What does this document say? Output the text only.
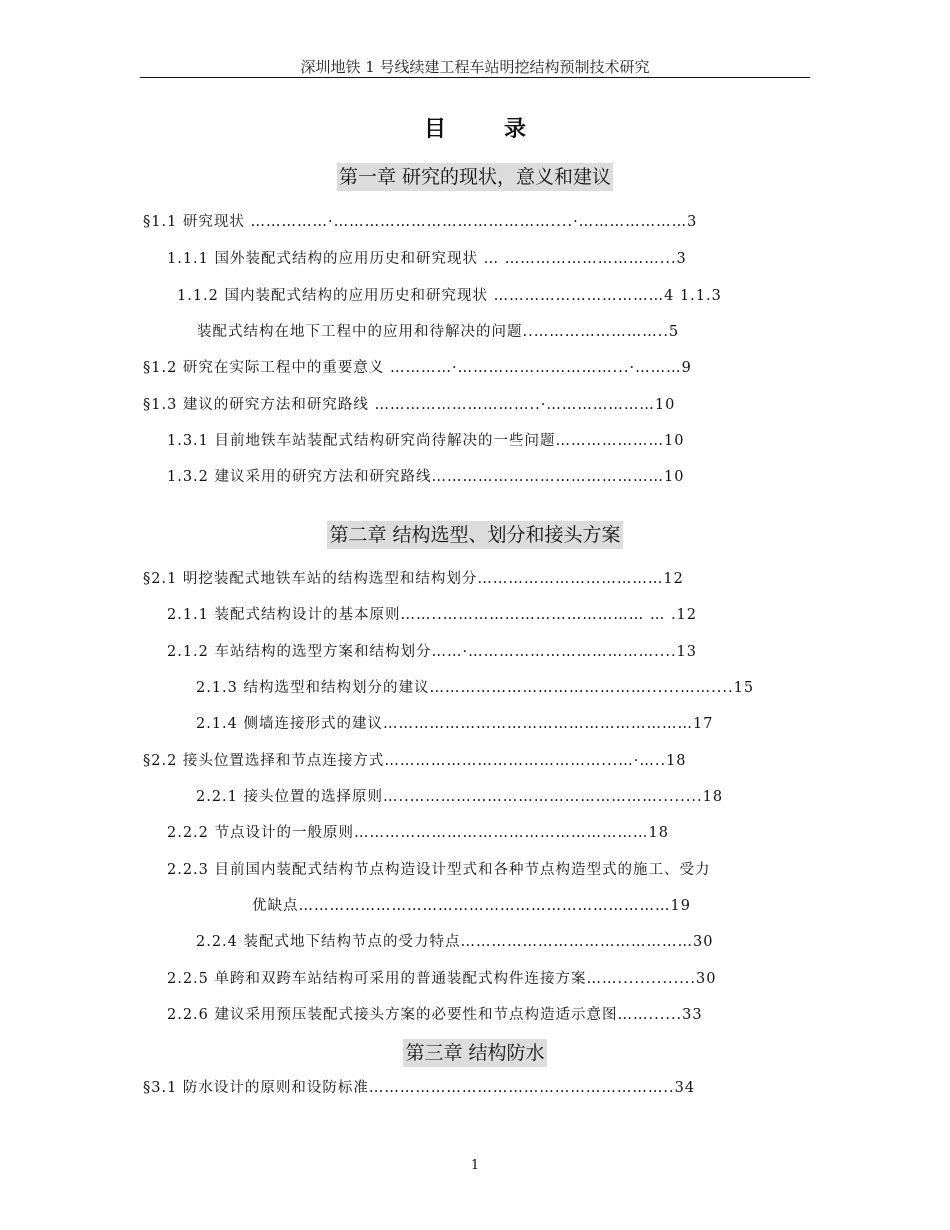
深圳地铁 1 号线续建工程车站明挖结构预制技术研究
目录
第一章 研究的现状，意义和建议
§1.1 研究现状 ……………·……………………………………....·…………………3
1.1.1 国外装配式结构的应用历史和研究现状 … …………………………...3
1.1.2 国内装配式结构的应用历史和研究现状 ……………………………4 1.1.3
装配式结构在地下工程中的应用和待解决的问题..……………………..5
§1.2 研究在实际工程中的重要意义 …………·…………………………...·………9
§1.3 建议的研究方法和研究路线 …………………………..·…………………10
1.3.1 目前地铁车站装配式结构研究尚待解决的一些问题…………………10
1.3.2 建议采用的研究方法和研究路线………………………………………10
第二章 结构选型、划分和接头方案
§2.1 明挖装配式地铁车站的结构选型和结构划分………………………………12
2.1.1 装配式结构设计的基本原则……..………………………………… … .12
2.1.2 车站结构的选型方案和结构划分……·………………………………....13
2.1.3 结构选型和结构划分的建议……………………………………......……....15
2.1.4 侧墙连接形式的建议……………………………………………………17
§2.2 接头位置选择和节点连接方式……………………………………...…·…..18
2.2.1 接头位置的选择原则…..…………………………………………........18
2.2.2 节点设计的一般原则…………………………………………………18
2.2.3 目前国内装配式结构节点构造设计型式和各种节点构造型式的施工、受力
优缺点………………………………………………………………19
2.2.4 装配式地下结构节点的受力特点………………………………………30
2.2.5 单跨和双跨车站结构可采用的普通装配式构件连接方案……..............30
2.2.6 建议采用预压装配式接头方案的必要性和节点构造适示意图……......33
第三章 结构防水
§3.1 防水设计的原则和设防标准…………………………………………………..34
1
